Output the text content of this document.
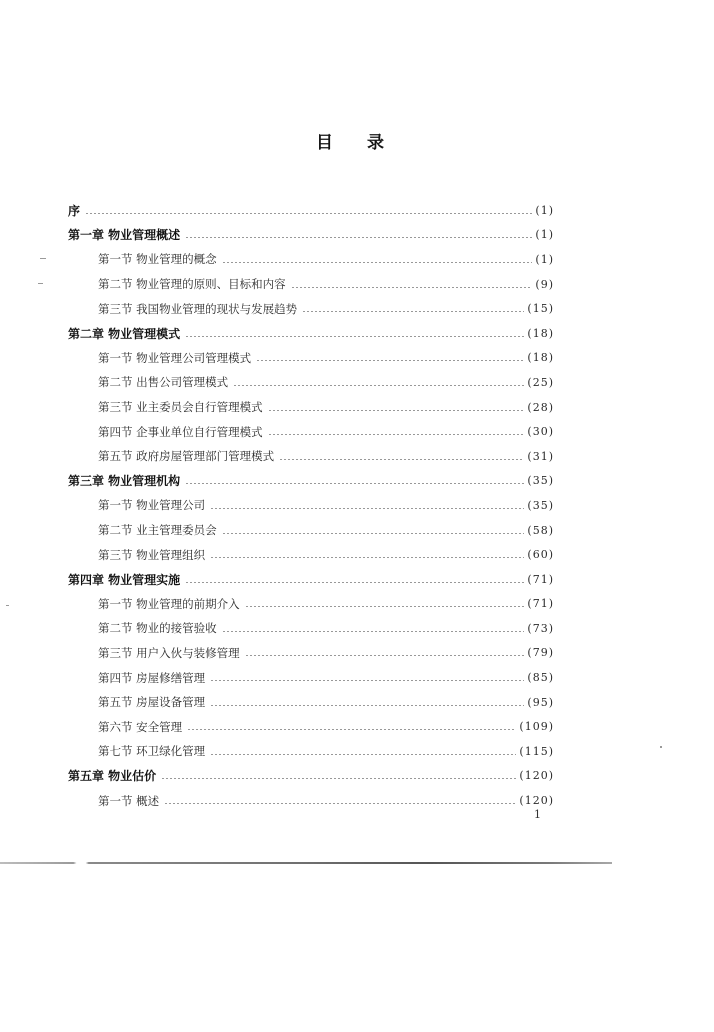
目 录
序	(1)
第一章 物业管理概述	(1)
第一节 物业管理的概念	(1)
第二节 物业管理的原则、目标和内容	(9)
第三节 我国物业管理的现状与发展趋势	(15)
第二章 物业管理模式	(18)
第一节 物业管理公司管理模式	(18)
第二节 出售公司管理模式	(25)
第三节 业主委员会自行管理模式	(28)
第四节 企事业单位自行管理模式	(30)
第五节 政府房屋管理部门管理模式	(31)
第三章 物业管理机构	(35)
第一节 物业管理公司	(35)
第二节 业主管理委员会	(58)
第三节 物业管理组织	(60)
第四章 物业管理实施	(71)
第一节 物业管理的前期介入	(71)
第二节 物业的接管验收	(73)
第三节 用户入伙与装修管理	(79)
第四节 房屋修缮管理	(85)
第五节 房屋设备管理	(95)
第六节 安全管理	(109)
第七节 环卫绿化管理	(115)
第五章 物业估价	(120)
第一节 概述	(120)
1
